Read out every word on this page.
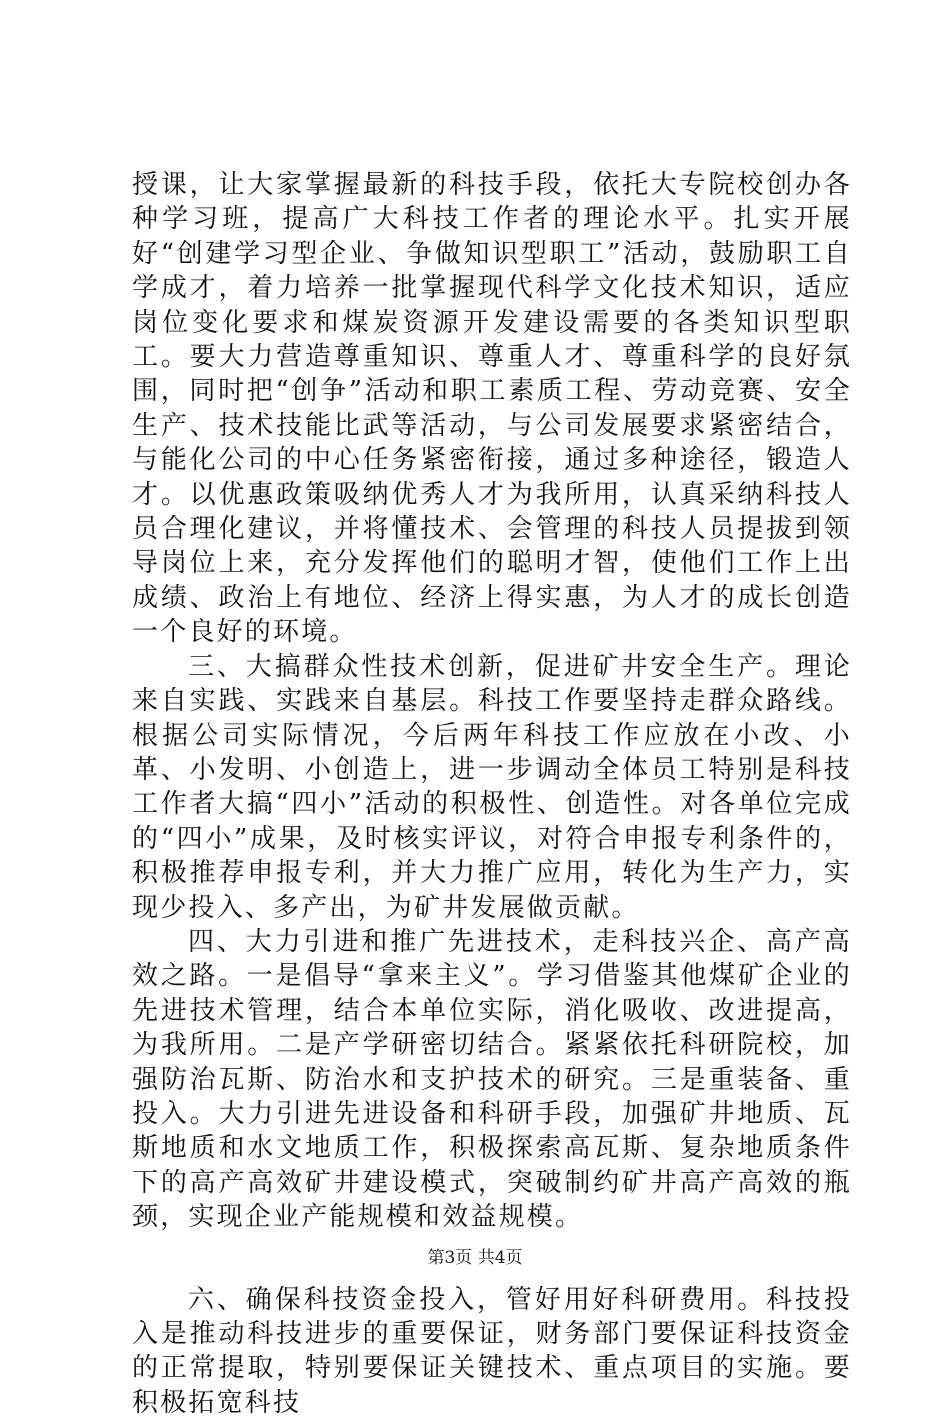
授课，让大家掌握最新的科技手段，依托大专院校创办各种学习班，提高广大科技工作者的理论水平。扎实开展好“创建学习型企业、争做知识型职工”活动，鼓励职工自学成才，着力培养一批掌握现代科学文化技术知识，适应岗位变化要求和煤炭资源开发建设需要的各类知识型职工。要大力营造尊重知识、尊重人才、尊重科学的良好氛围，同时把“创争”活动和职工素质工程、劳动竞赛、安全生产、技术技能比武等活动，与公司发展要求紧密结合，与能化公司的中心任务紧密衔接，通过多种途径，锻造人才。以优惠政策吸纳优秀人才为我所用，认真采纳科技人员合理化建议，并将懂技术、会管理的科技人员提拔到领导岗位上来，充分发挥他们的聪明才智，使他们工作上出成绩、政治上有地位、经济上得实惠，为人才的成长创造一个良好的环境。

三、大搞群众性技术创新，促进矿井安全生产。理论来自实践、实践来自基层。科技工作要坚持走群众路线。根据公司实际情况，今后两年科技工作应放在小改、小革、小发明、小创造上，进一步调动全体员工特别是科技工作者大搞“四小”活动的积极性、创造性。对各单位完成的“四小”成果，及时核实评议，对符合申报专利条件的，积极推荐申报专利，并大力推广应用，转化为生产力，实现少投入、多产出，为矿井发展做贡献。

四、大力引进和推广先进技术，走科技兴企、高产高效之路。一是倡导“拿来主义”。学习借鉴其他煤矿企业的先进技术管理，结合本单位实际，消化吸收、改进提高，为我所用。二是产学研密切结合。紧紧依托科研院校，加强防治瓦斯、防治水和支护技术的研究。三是重装备、重投入。大力引进先进设备和科研手段，加强矿井地质、瓦斯地质和水文地质工作，积极探索高瓦斯、复杂地质条件下的高产高效矿井建设模式，突破制约矿井高产高效的瓶颈，实现企业产能规模和效益规模。

六、确保科技资金投入，管好用好科研费用。科技投入是推动科技进步的重要保证，财务部门要保证科技资金的正常提取，特别要保证关键技术、重点项目的实施。要积极拓宽科技

第3页 共4页
